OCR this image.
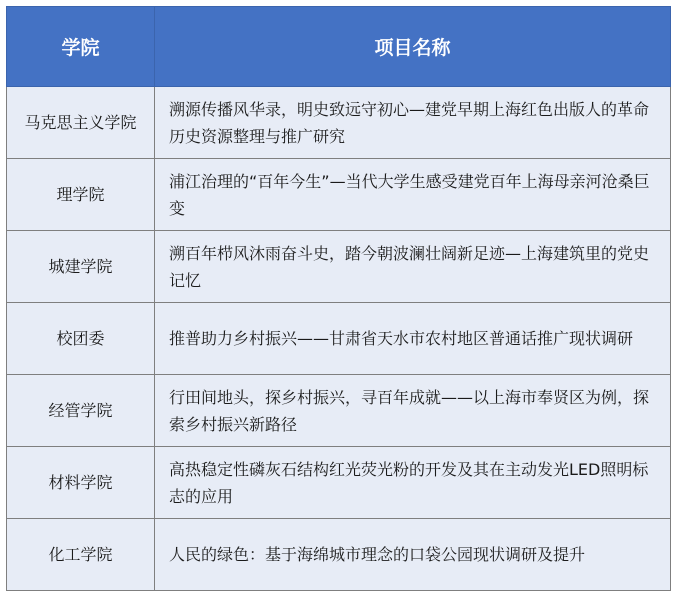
学院	项目名称
马克思主义学院	溯源传播风华录，明史致远守初心—建党早期上海红色出版人的革命历史资源整理与推广研究
理学院	浦江治理的“百年今生”—当代大学生感受建党百年上海母亲河沧桑巨变
城建学院	溯百年栉风沐雨奋斗史，踏今朝波澜壮阔新足迹—上海建筑里的党史记忆
校团委	推普助力乡村振兴——甘肃省天水市农村地区普通话推广现状调研
经管学院	行田间地头，探乡村振兴，寻百年成就——以上海市奉贤区为例，探索乡村振兴新路径
材料学院	高热稳定性磷灰石结构红光荧光粉的开发及其在主动发光LED照明标志的应用
化工学院	人民的绿色：基于海绵城市理念的口袋公园现状调研及提升
